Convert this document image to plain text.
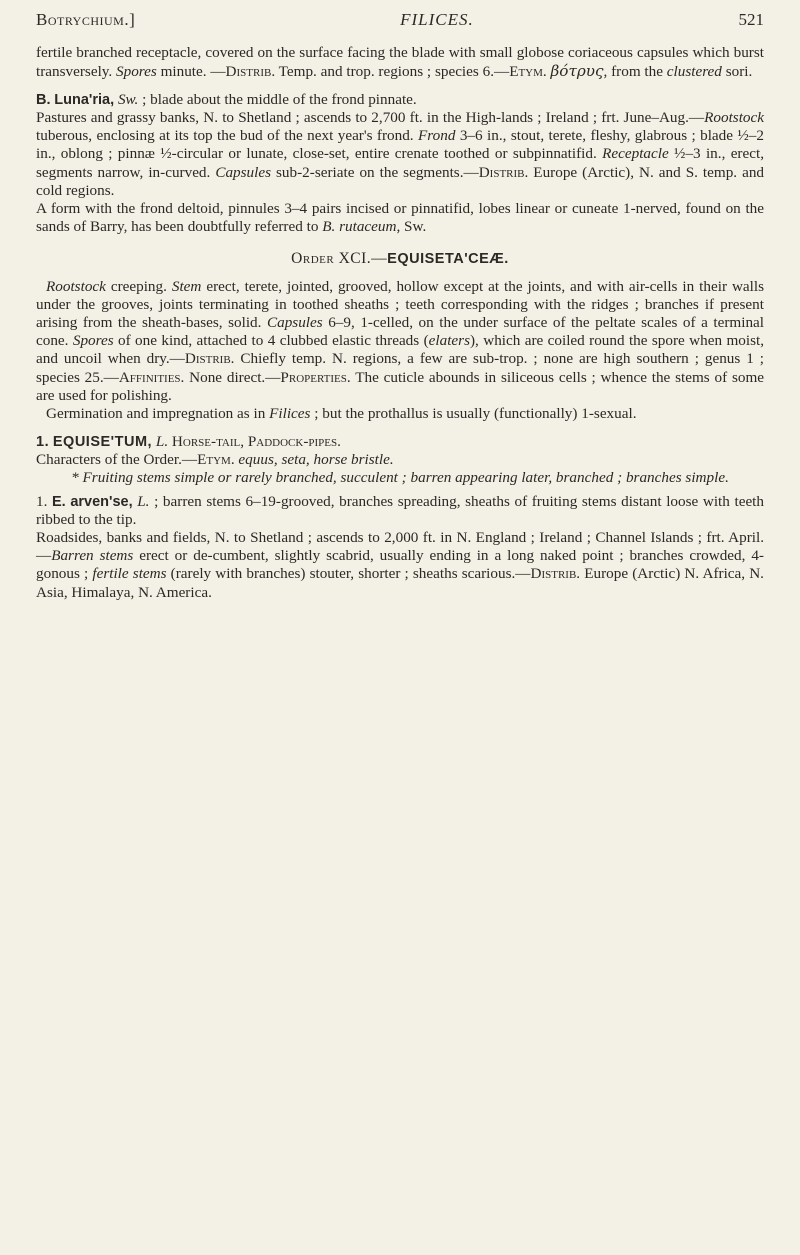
Botrychium.]	FILICES.	521

fertile branched receptacle, covered on the surface facing the blade with small globose coriaceous capsules which burst transversely. Spores minute. —Distrib. Temp. and trop. regions ; species 6.—Etym. βότρυς, from the clustered sori.

B. Luna'ria, Sw. ; blade about the middle of the frond pinnate.

Pastures and grassy banks, N. to Shetland ; ascends to 2,700 ft. in the High-lands ; Ireland ; frt. June–Aug.—Rootstock tuberous, enclosing at its top the bud of the next year's frond. Frond 3–6 in., stout, terete, fleshy, glabrous ; blade ½–2 in., oblong ; pinnæ ½-circular or lunate, close-set, entire crenate toothed or subpinnatifid. Receptacle ½–3 in., erect, segments narrow, in-curved. Capsules sub-2-seriate on the segments.—Distrib. Europe (Arctic), N. and S. temp. and cold regions.

A form with the frond deltoid, pinnules 3–4 pairs incised or pinnatifid, lobes linear or cuneate 1-nerved, found on the sands of Barry, has been doubtfully referred to B. rutaceum, Sw.

Order XCI.—EQUISETA'CEÆ.

Rootstock creeping. Stem erect, terete, jointed, grooved, hollow except at the joints, and with air-cells in their walls under the grooves, joints terminating in toothed sheaths ; teeth corresponding with the ridges ; branches if present arising from the sheath-bases, solid. Capsules 6–9, 1-celled, on the under surface of the peltate scales of a terminal cone. Spores of one kind, attached to 4 clubbed elastic threads (elaters), which are coiled round the spore when moist, and uncoil when dry.—Distrib. Chiefly temp. N. regions, a few are sub-trop. ; none are high southern ; genus 1 ; species 25.—Affinities. None direct.—Properties. The cuticle abounds in siliceous cells ; whence the stems of some are used for polishing.

Germination and impregnation as in Filices ; but the prothallus is usually (functionally) 1-sexual.

1. EQUISE'TUM, L. Horse-tail, Paddock-pipes.

Characters of the Order.—Etym. equus, seta, horse bristle.

* Fruiting stems simple or rarely branched, succulent ; barren appearing later, branched ; branches simple.

1. E. arven'se, L. ; barren stems 6–19-grooved, branches spreading, sheaths of fruiting stems distant loose with teeth ribbed to the tip.

Roadsides, banks and fields, N. to Shetland ; ascends to 2,000 ft. in N. England ; Ireland ; Channel Islands ; frt. April.—Barren stems erect or de-cumbent, slightly scabrid, usually ending in a long naked point ; branches crowded, 4-gonous ; fertile stems (rarely with branches) stouter, shorter ; sheaths scarious.—Distrib. Europe (Arctic) N. Africa, N. Asia, Himalaya, N. America.
